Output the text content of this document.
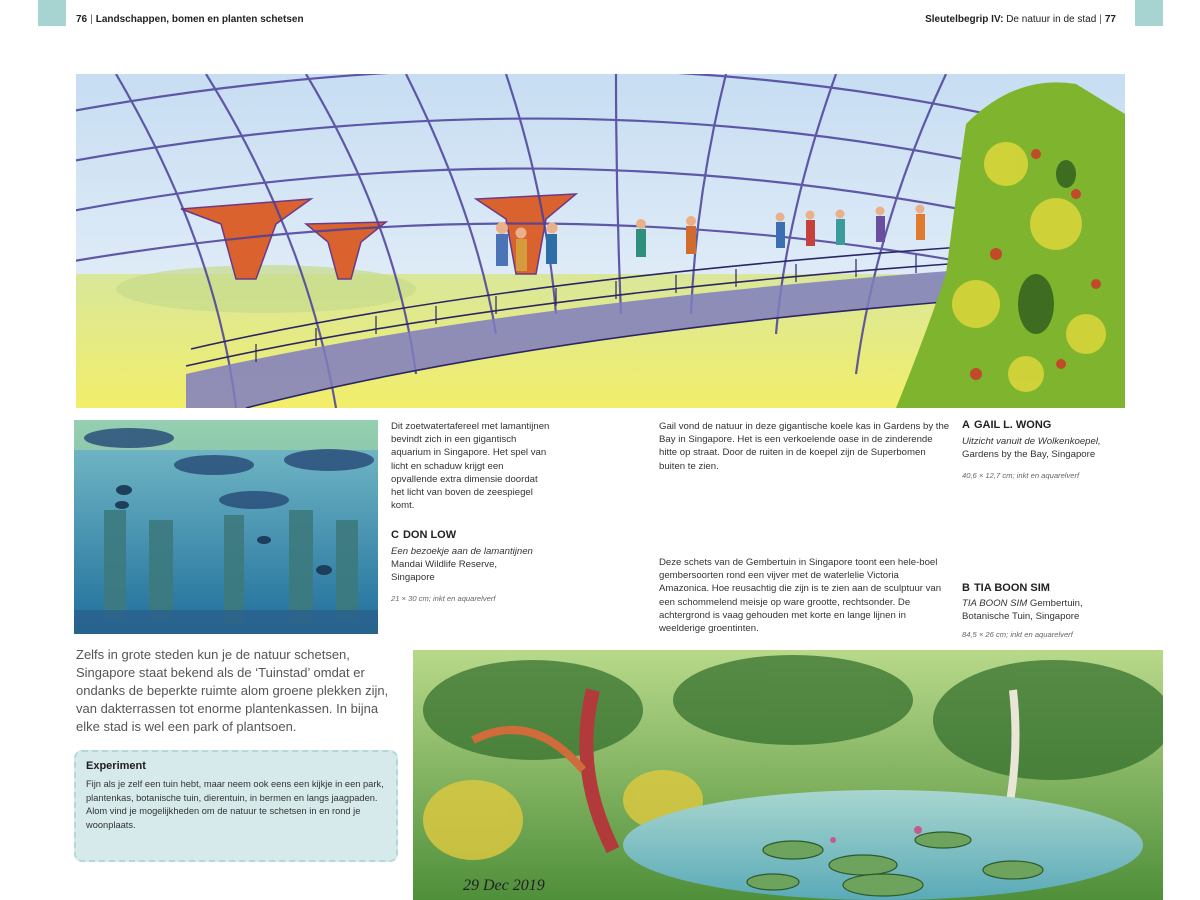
76 | Landschappen, bomen en planten schetsen	Sleutelbegrip IV: De natuur in de stad | 77
Dit zoetwatertafereel met lamantijnen bevindt zich in een gigantisch aquarium in Singapore. Het spel van licht en schaduw krijgt een opvallende extra dimensie doordat het licht van boven de zeespiegel komt.
C DON LOW
Een bezoekje aan de lamantijnen
Mandai Wildlife Reserve,
Singapore
21 × 30 cm; inkt en aquarelverf
Gail vond de natuur in deze gigantische koele kas in Gardens by the Bay in Singapore. Het is een verkoelende oase in de zinderende hitte op straat. Door de ruiten in de koepel zijn de Superbomen buiten te zien.
A GAIL L. WONG
Uitzicht vanuit de Wolkenkoepel,
Gardens by the Bay, Singapore
40,6 × 12,7 cm; inkt en aquarelverf
Deze schets van de Gembertuin in Singapore toont een hele-boel gembersoorten rond een vijver met de waterlelie Victoria Amazonica. Hoe reusachtig die zijn is te zien aan de sculptuur van een schommelend meisje op ware grootte, rechtsonder. De achtergrond is vaag gehouden met korte en lange lijnen in weelderige groentinten.
B TIA BOON SIM
TIA BOON SIM Gembertuin,
Botanische Tuin, Singapore
84,5 × 26 cm; inkt en aquarelverf
Zelfs in grote steden kun je de natuur schetsen, Singapore staat bekend als de ‘Tuinstad’ omdat er ondanks de beperkte ruimte alom groene plekken zijn, van dakterrassen tot enorme plantenkassen. In bijna elke stad is wel een park of plantsoen.
Experiment

Fijn als je zelf een tuin hebt, maar neem ook eens een kijkje in een park, plantenkas, botanische tuin, dierentuin, in bermen en langs jaagpaden. Alom vind je mogelijkheden om de natuur te schetsen in en rond je woonplaats.

29 Dec 2019
